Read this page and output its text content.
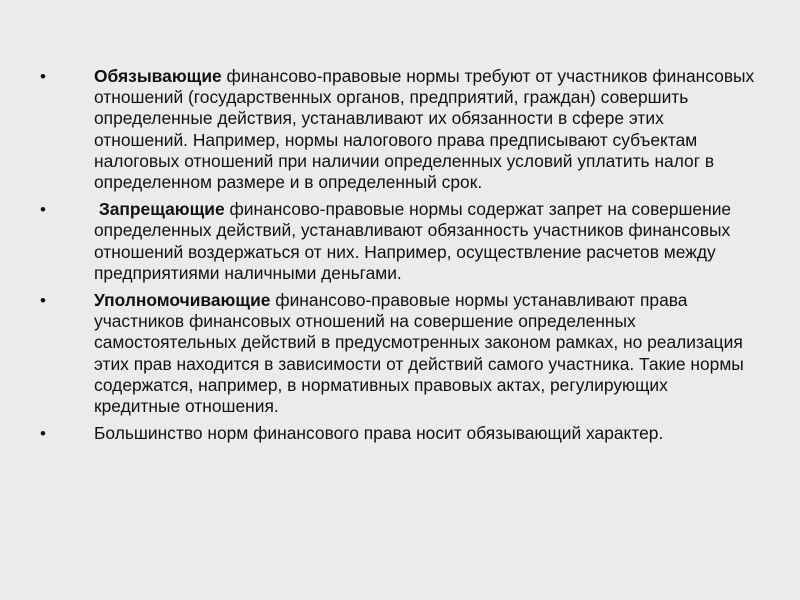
•	Обязывающие финансово-правовые нормы требуют от участников финансовых отношений (государственных органов, предприятий, граждан) совершить определенные действия, устанавливают их обязанности в сфере этих отношений. Например, нормы налогового права предписывают субъектам налоговых отношений при наличии определенных условий уплатить налог в определенном размере и в определенный срок.
•	Запрещающие финансово-правовые нормы содержат запрет на совершение определенных действий, устанавливают обязанность участников финансовых отношений воздержаться от них. Например, осуществление расчетов между предприятиями наличными деньгами.
•	Уполномочивающие финансово-правовые нормы устанавливают права участников финансовых отношений на совершение определенных самостоятельных действий в предусмотренных законом рамках, но реализация этих прав находится в зависимости от действий самого участника. Такие нормы содержатся, например, в нормативных правовых актах, регулирующих кредитные отношения.
•	Большинство норм финансового права носит обязывающий характер.
